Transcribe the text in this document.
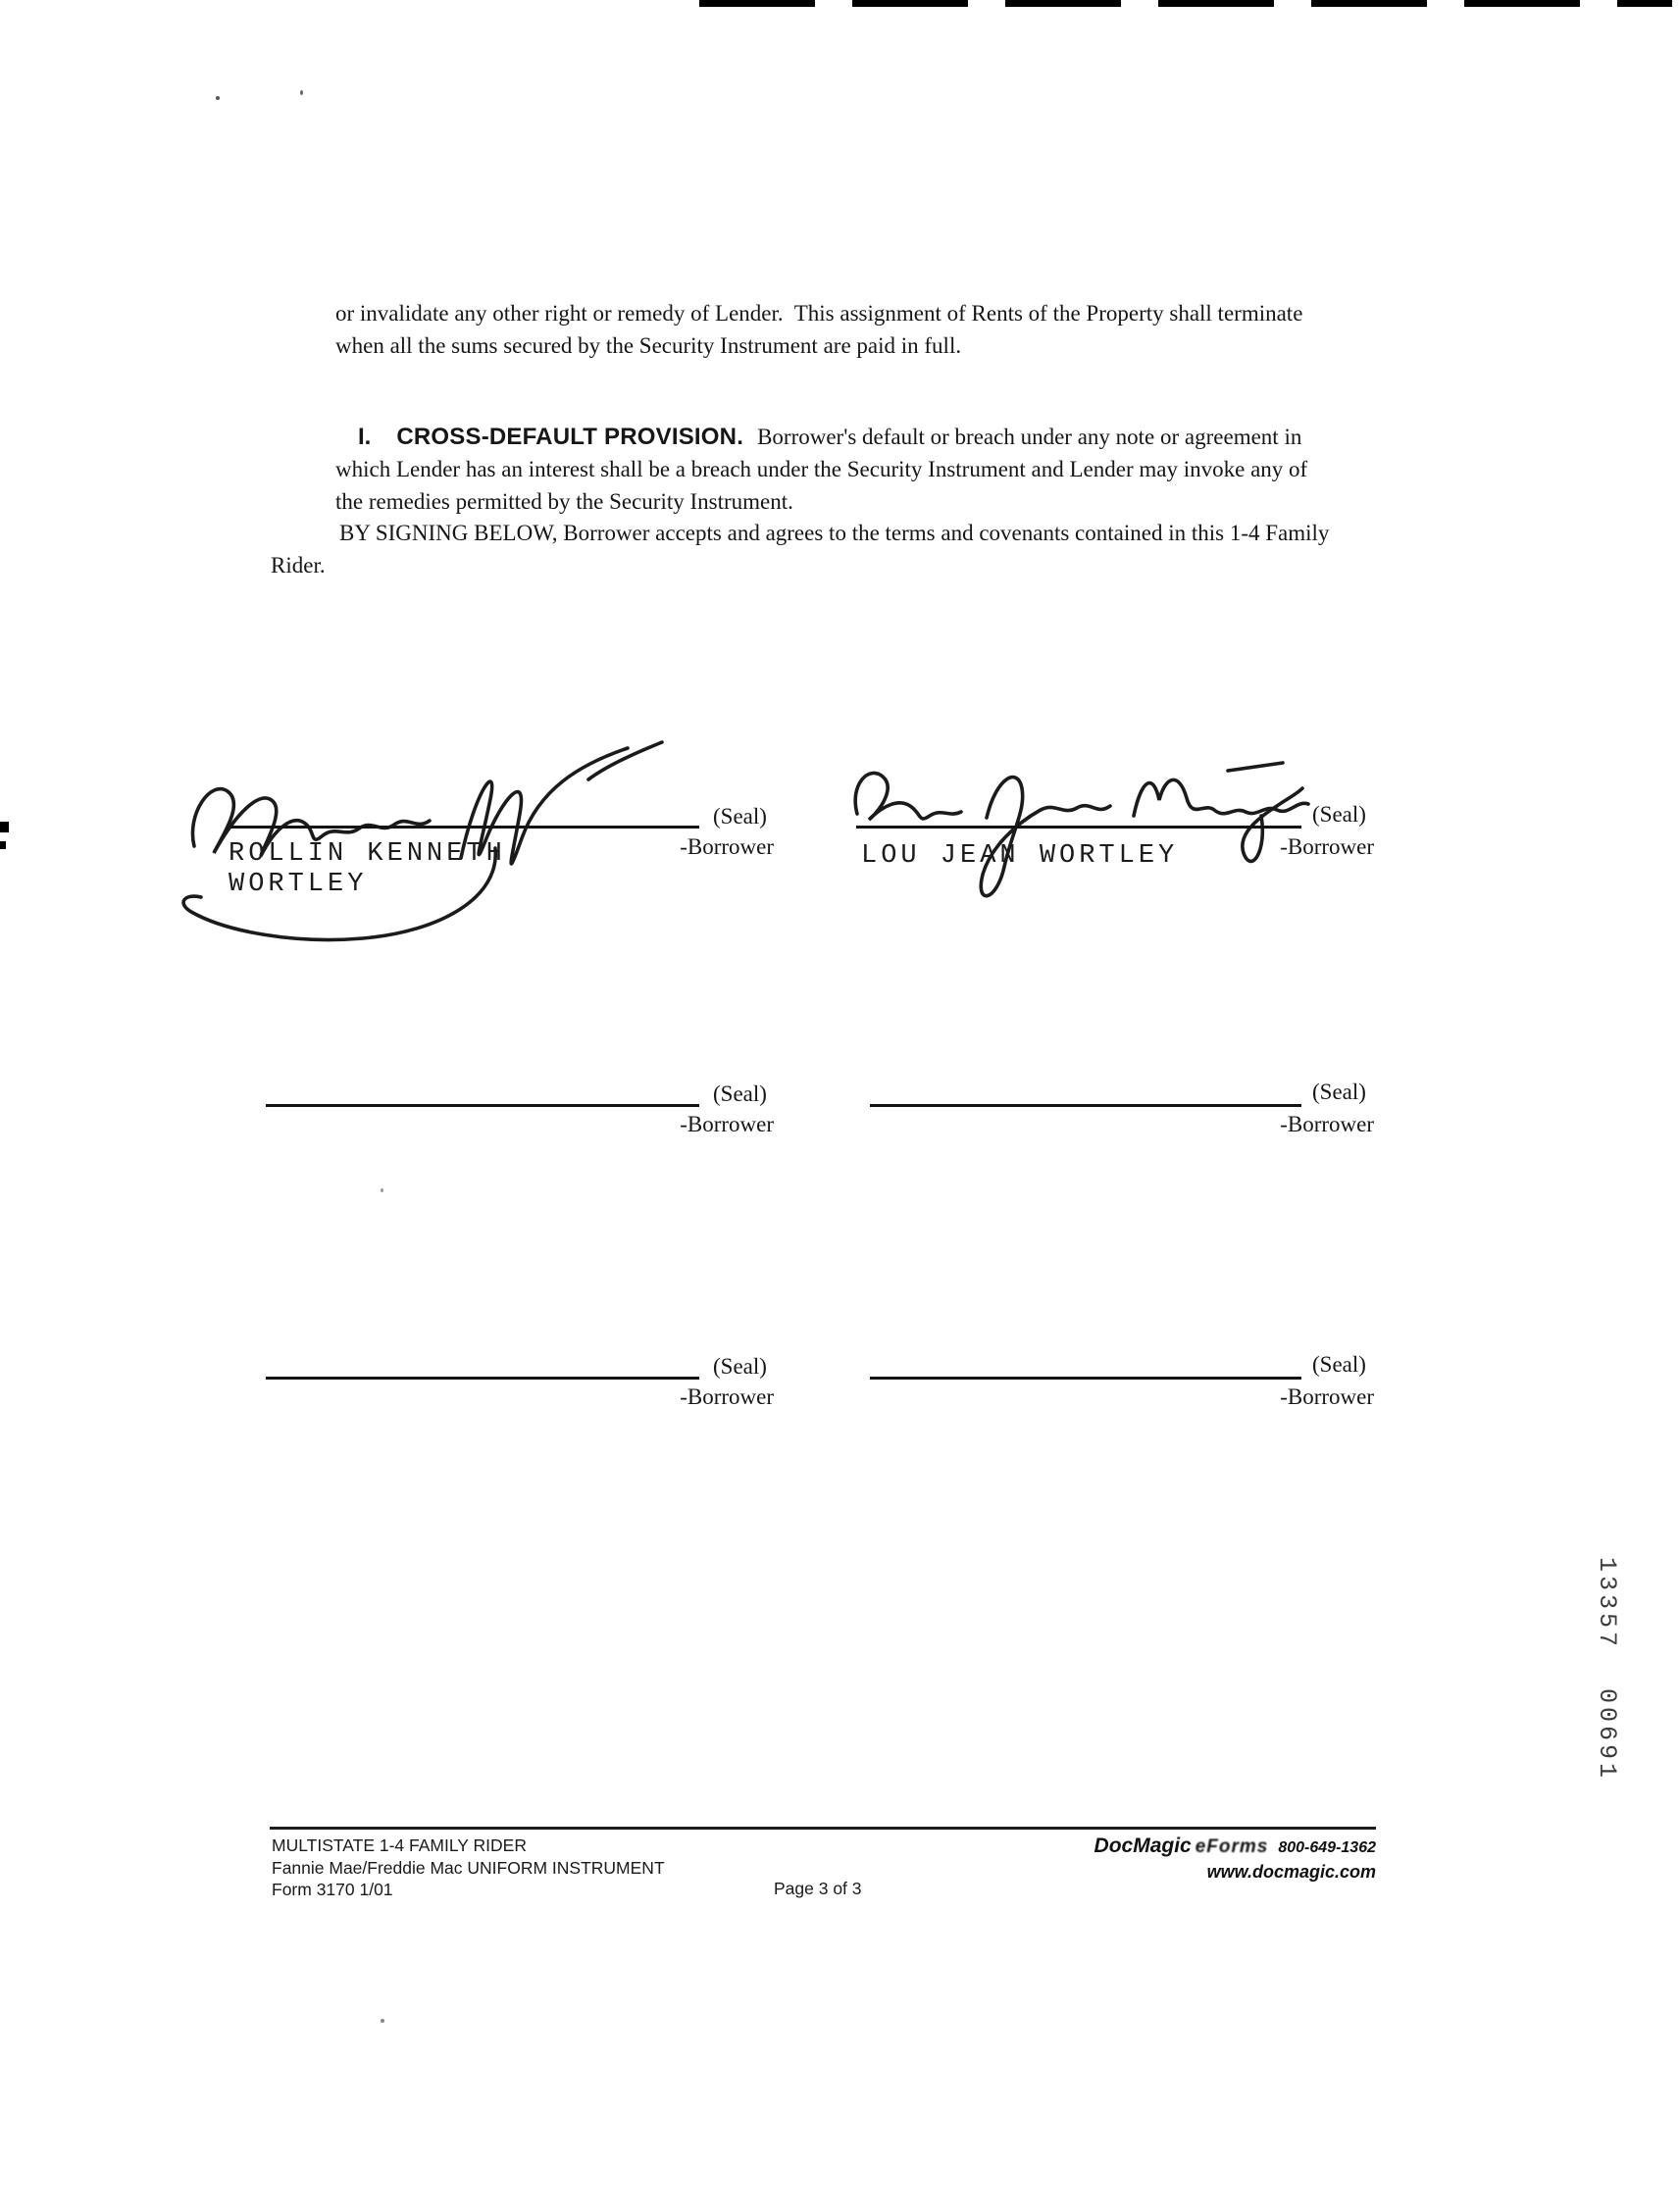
or invalidate any other right or remedy of Lender.  This assignment of Rents of the Property shall terminate when all the sums secured by the Security Instrument are paid in full.

I. CROSS-DEFAULT PROVISION. Borrower's default or breach under any note or agreement in which Lender has an interest shall be a breach under the Security Instrument and Lender may invoke any of the remedies permitted by the Security Instrument.

BY SIGNING BELOW, Borrower accepts and agrees to the terms and covenants contained in this 1-4 Family Rider.

(Seal)
-Borrower
ROLLIN KENNETH
WORTLEY
(Seal)
-Borrower
LOU JEAN WORTLEY
(Seal)
-Borrower
(Seal)
-Borrower
(Seal)
-Borrower
(Seal)
-Borrower
13357 00691
MULTISTATE 1-4 FAMILY RIDER
Fannie Mae/Freddie Mac UNIFORM INSTRUMENT
Form 3170 1/01	Page 3 of 3
DocMagic eForms 800-649-1362
www.docmagic.com
